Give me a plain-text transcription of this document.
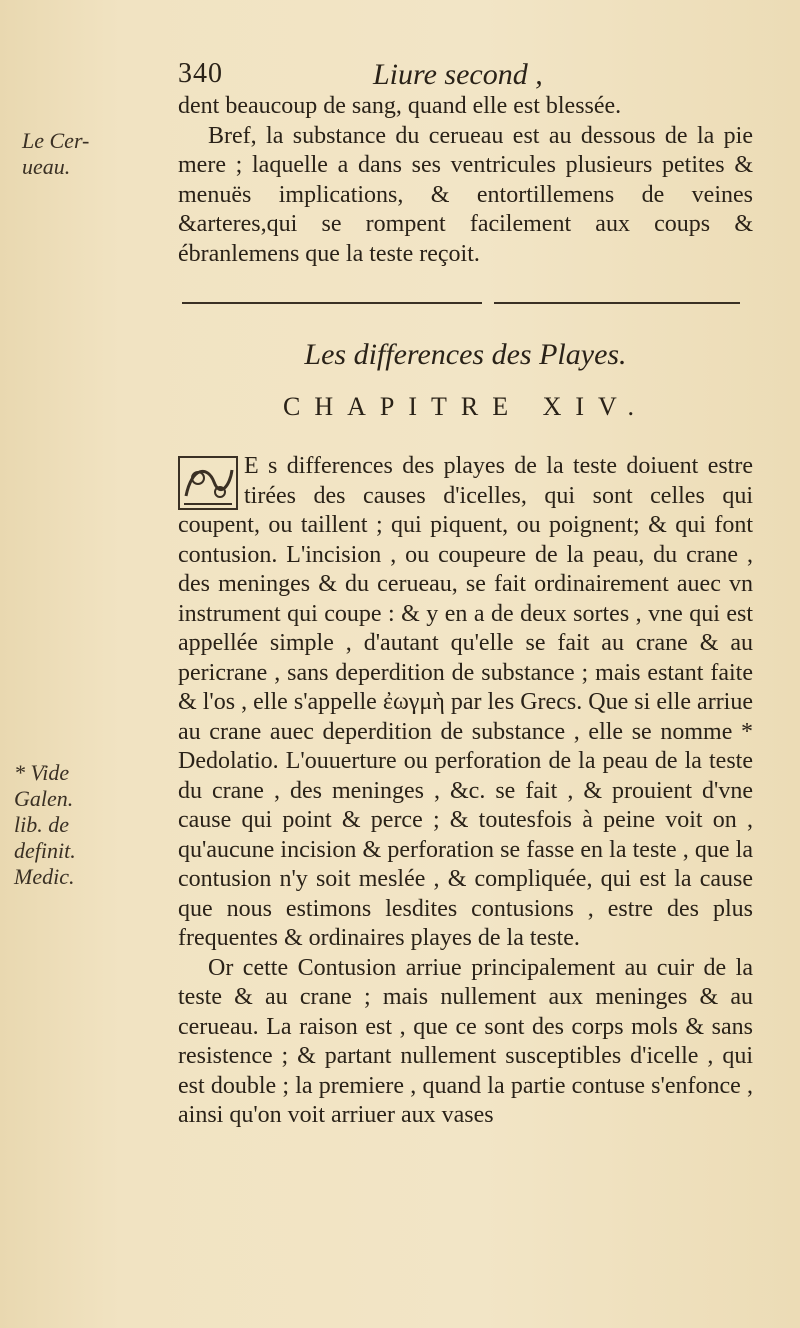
340	Liure second ,
Le Cer-
ueau.

dent beaucoup de sang, quand elle est blessée.

Bref, la substance du cerueau est au dessous de la pie mere ; laquelle a dans ses ventricules plusieurs petites & menuës implications, & entortillemens de veines &arteres,qui se rompent facilement aux coups & ébranlemens que la teste reçoit.

Les differences des Playes.
CHAPITRE XIV.
* Vide
Galen.
lib. de
definit.
Medic.

E s differences des playes de la teste doiuent estre tirées des causes d'icelles, qui sont celles qui coupent, ou taillent ; qui piquent, ou poignent; & qui font contusion. L'incision , ou coupeure de la peau, du crane , des meninges & du cerueau, se fait ordinairement auec vn instrument qui coupe : & y en a de deux sortes , vne qui est appellée simple , d'autant qu'elle se fait au crane & au pericrane , sans deperdition de substance ; mais estant faite & l'os , elle s'appelle ἐωγμὴ par les Grecs. Que si elle arriue au crane auec deperdition de substance , elle se nomme * Dedolatio. L'ouuerture ou perforation de la peau de la teste du crane , des meninges , &c. se fait , & prouient d'vne cause qui point & perce ; & toutesfois à peine voit on , qu'aucune incision & perforation se fasse en la teste , que la contusion n'y soit meslée , & compliquée, qui est la cause que nous estimons lesdites contusions , estre des plus frequentes & ordinaires playes de la teste.

Or cette Contusion arriue principalement au cuir de la teste & au crane ; mais nullement aux meninges & au cerueau. La raison est , que ce sont des corps mols & sans resistence ; & partant nullement susceptibles d'icelle , qui est double ; la premiere , quand la partie contuse s'enfonce , ainsi qu'on voit arriuer aux vases
